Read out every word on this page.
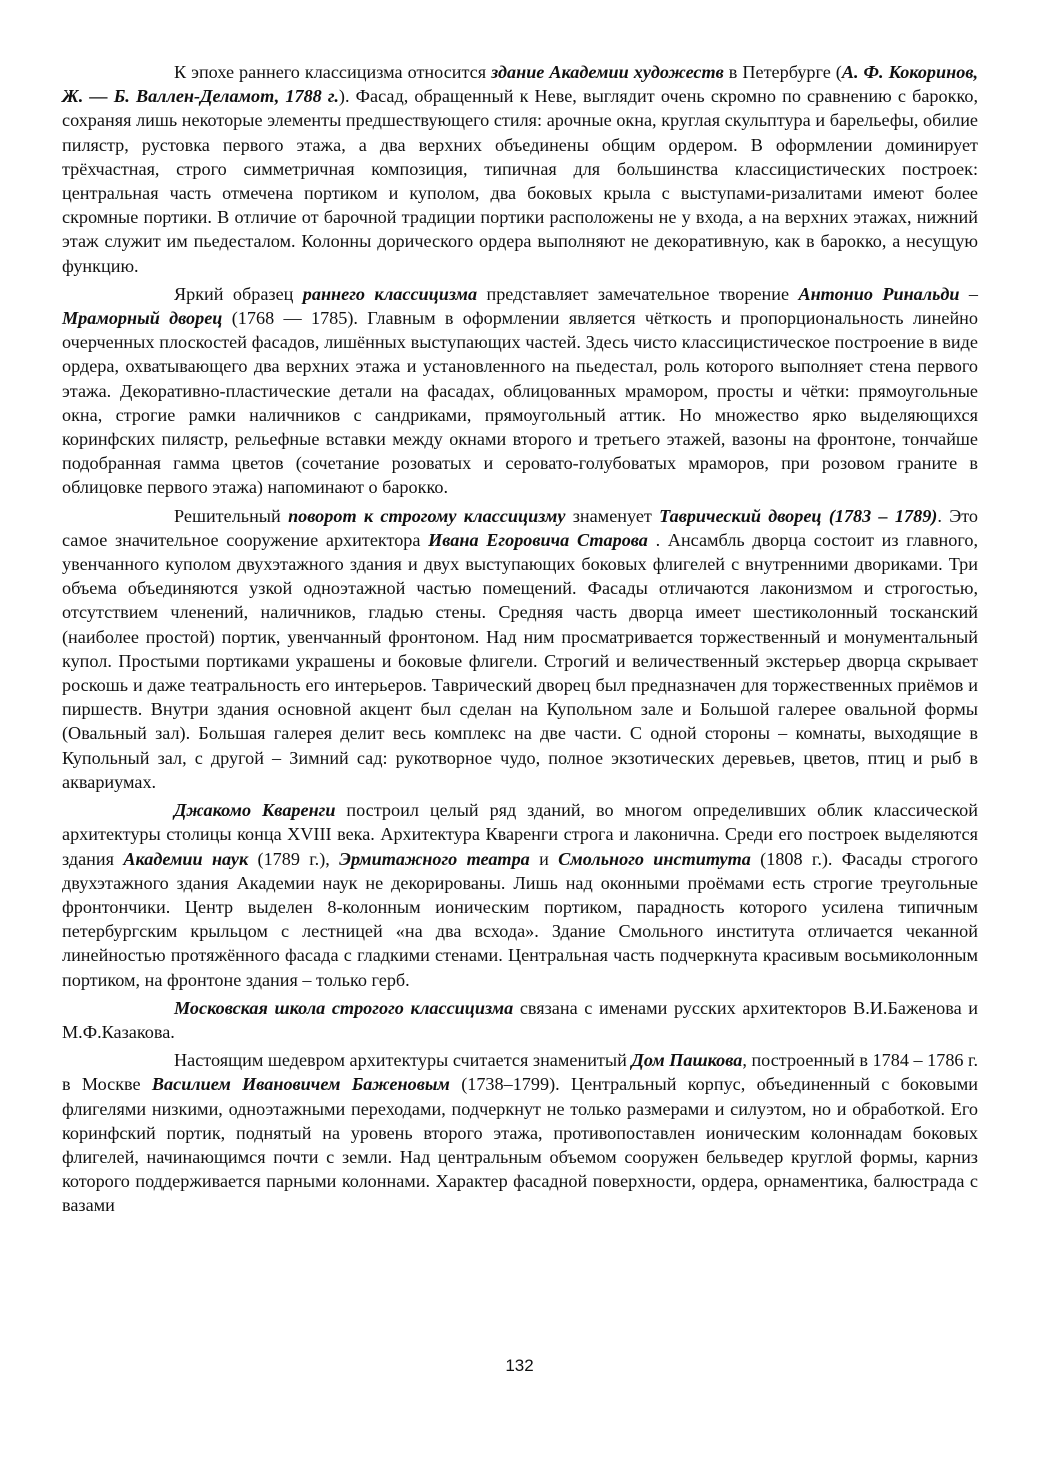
К эпохе раннего классицизма относится здание Академии художеств в Петербурге (А. Ф. Кокоринов, Ж. — Б. Валлен-Деламот, 1788 г.). Фасад, обращенный к Неве, выглядит очень скромно по сравнению с барокко, сохраняя лишь некоторые элементы предшествующего стиля: арочные окна, круглая скульптура и барельефы, обилие пилястр, рустовка первого этажа, а два верхних объединены общим ордером. В оформлении доминирует трёхчастная, строго симметричная композиция, типичная для большинства классицистических построек: центральная часть отмечена портиком и куполом, два боковых крыла с выступами-ризалитами имеют более скромные портики. В отличие от барочной традиции портики расположены не у входа, а на верхних этажах, нижний этаж служит им пьедесталом. Колонны дорического ордера выполняют не декоративную, как в барокко, а несущую функцию.

Яркий образец раннего классицизма представляет замечательное творение Антонио Ринальди – Мраморный дворец (1768 — 1785). Главным в оформлении является чёткость и пропорциональность линейно очерченных плоскостей фасадов, лишённых выступающих частей. Здесь чисто классицистическое построение в виде ордера, охватывающего два верхних этажа и установленного на пьедестал, роль которого выполняет стена первого этажа. Декоративно-пластические детали на фасадах, облицованных мрамором, просты и чётки: прямоугольные окна, строгие рамки наличников с сандриками, прямоугольный аттик. Но множество ярко выделяющихся коринфских пилястр, рельефные вставки между окнами второго и третьего этажей, вазоны на фронтоне, тончайше подобранная гамма цветов (сочетание розоватых и серовато-голубоватых мраморов, при розовом граните в облицовке первого этажа) напоминают о барокко.

Решительный поворот к строгому классицизму знаменует Таврический дворец (1783 – 1789). Это самое значительное сооружение архитектора Ивана Егоровича Старова . Ансамбль дворца состоит из главного, увенчанного куполом двухэтажного здания и двух выступающих боковых флигелей с внутренними двориками. Три объема объединяются узкой одноэтажной частью помещений. Фасады отличаются лаконизмом и строгостью, отсутствием членений, наличников, гладью стены. Средняя часть дворца имеет шестиколонный тосканский (наиболее простой) портик, увенчанный фронтоном. Над ним просматривается торжественный и монументальный купол. Простыми портиками украшены и боковые флигели. Строгий и величественный экстерьер дворца скрывает роскошь и даже театральность его интерьеров. Таврический дворец был предназначен для торжественных приёмов и пиршеств. Внутри здания основной акцент был сделан на Купольном зале и Большой галерее овальной формы (Овальный зал). Большая галерея делит весь комплекс на две части. С одной стороны – комнаты, выходящие в Купольный зал, с другой – Зимний сад: рукотворное чудо, полное экзотических деревьев, цветов, птиц и рыб в аквариумах.

Джакомо Кваренги построил целый ряд зданий, во многом определивших облик классической архитектуры столицы конца XVIII века. Архитектура Кваренги строга и лаконична. Среди его построек выделяются здания Академии наук (1789 г.), Эрмитажного театра и Смольного института (1808 г.). Фасады строгого двухэтажного здания Академии наук не декорированы. Лишь над оконными проёмами есть строгие треугольные фронтончики. Центр выделен 8-колонным ионическим портиком, парадность которого усилена типичным петербургским крыльцом с лестницей «на два всхода». Здание Смольного института отличается чеканной линейностью протяжённого фасада с гладкими стенами. Центральная часть подчеркнута красивым восьмиколонным портиком, на фронтоне здания – только герб.

Московская школа строгого классицизма связана с именами русских архитекторов В.И.Баженова и М.Ф.Казакова.

Настоящим шедевром архитектуры считается знаменитый Дом Пашкова, построенный в 1784 – 1786 г. в Москве Василием Ивановичем Баженовым (1738–1799). Центральный корпус, объединенный с боковыми флигелями низкими, одноэтажными переходами, подчеркнут не только размерами и силуэтом, но и обработкой. Его коринфский портик, поднятый на уровень второго этажа, противопоставлен ионическим колоннадам боковых флигелей, начинающимся почти с земли. Над центральным объемом сооружен бельведер круглой формы, карниз которого поддерживается парными колоннами. Характер фасадной поверхности, ордера, орнаментика, балюстрада с вазами

132
